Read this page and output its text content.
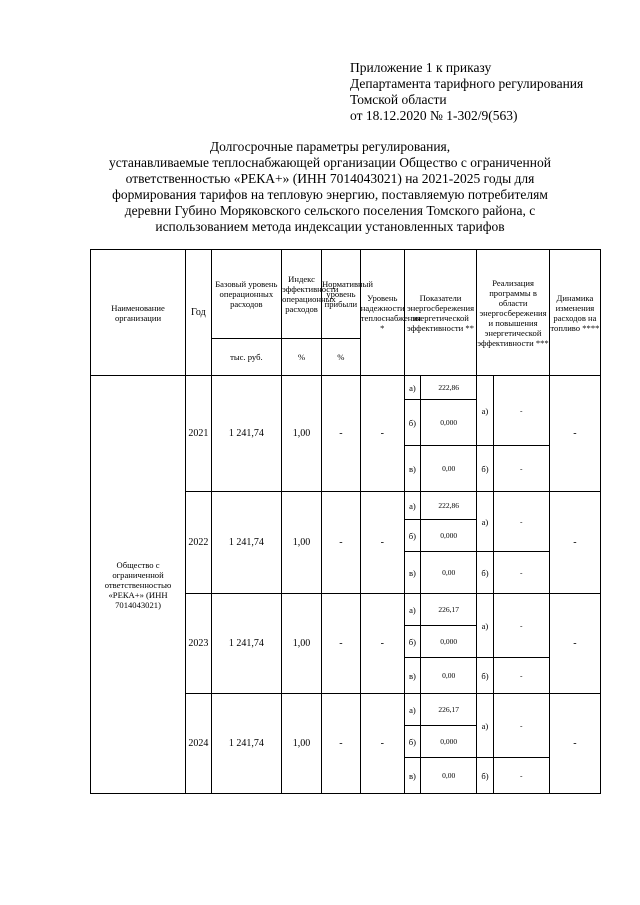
Приложение 1 к приказу
Департамента тарифного регулирования
Томской области
от 18.12.2020 № 1-302/9(563)
Долгосрочные параметры регулирования,
устанавливаемые теплоснабжающей организации Общество с ограниченной
ответственностью «РЕКА+» (ИНН 7014043021) на 2021-2025 годы для
формирования тарифов на тепловую энергию, поставляемую потребителям
деревни Губино Моряковского сельского поселения Томского района, с
использованием метода индексации установленных тарифов
Наименование организации	Год	Базовый уровень операционных расходов	Индекс эффективности операционных расходов	Нормативный уровень прибыли	Уровень надежности теплоснабжения *	Показатели энергосбережения энергетической эффективности **		Реализация программы в области энергосбережения и повышения энергетической эффективности ***		Динамика изменения расходов на топливо ****
		тыс. руб.	%	%						
Общество с ограниченной ответственностью «РЕКА+» (ИНН 7014043021)	2021	1 241,74	1,00	-	-	а)	222,86	а)	-	-
						б)	0,000			
						в)	0,00	б)	-	
	2022	1 241,74	1,00	-	-	а)	222,86	а)	-	-
						б)	0,000			
						в)	0,00	б)	-	
	2023	1 241,74	1,00	-	-	а)	226,17	а)	-	-
						б)	0,000			
						в)	0,00	б)	-	
	2024	1 241,74	1,00	-	-	а)	226,17	а)	-	-
						б)	0,000			
						в)	0,00	б)	-	
